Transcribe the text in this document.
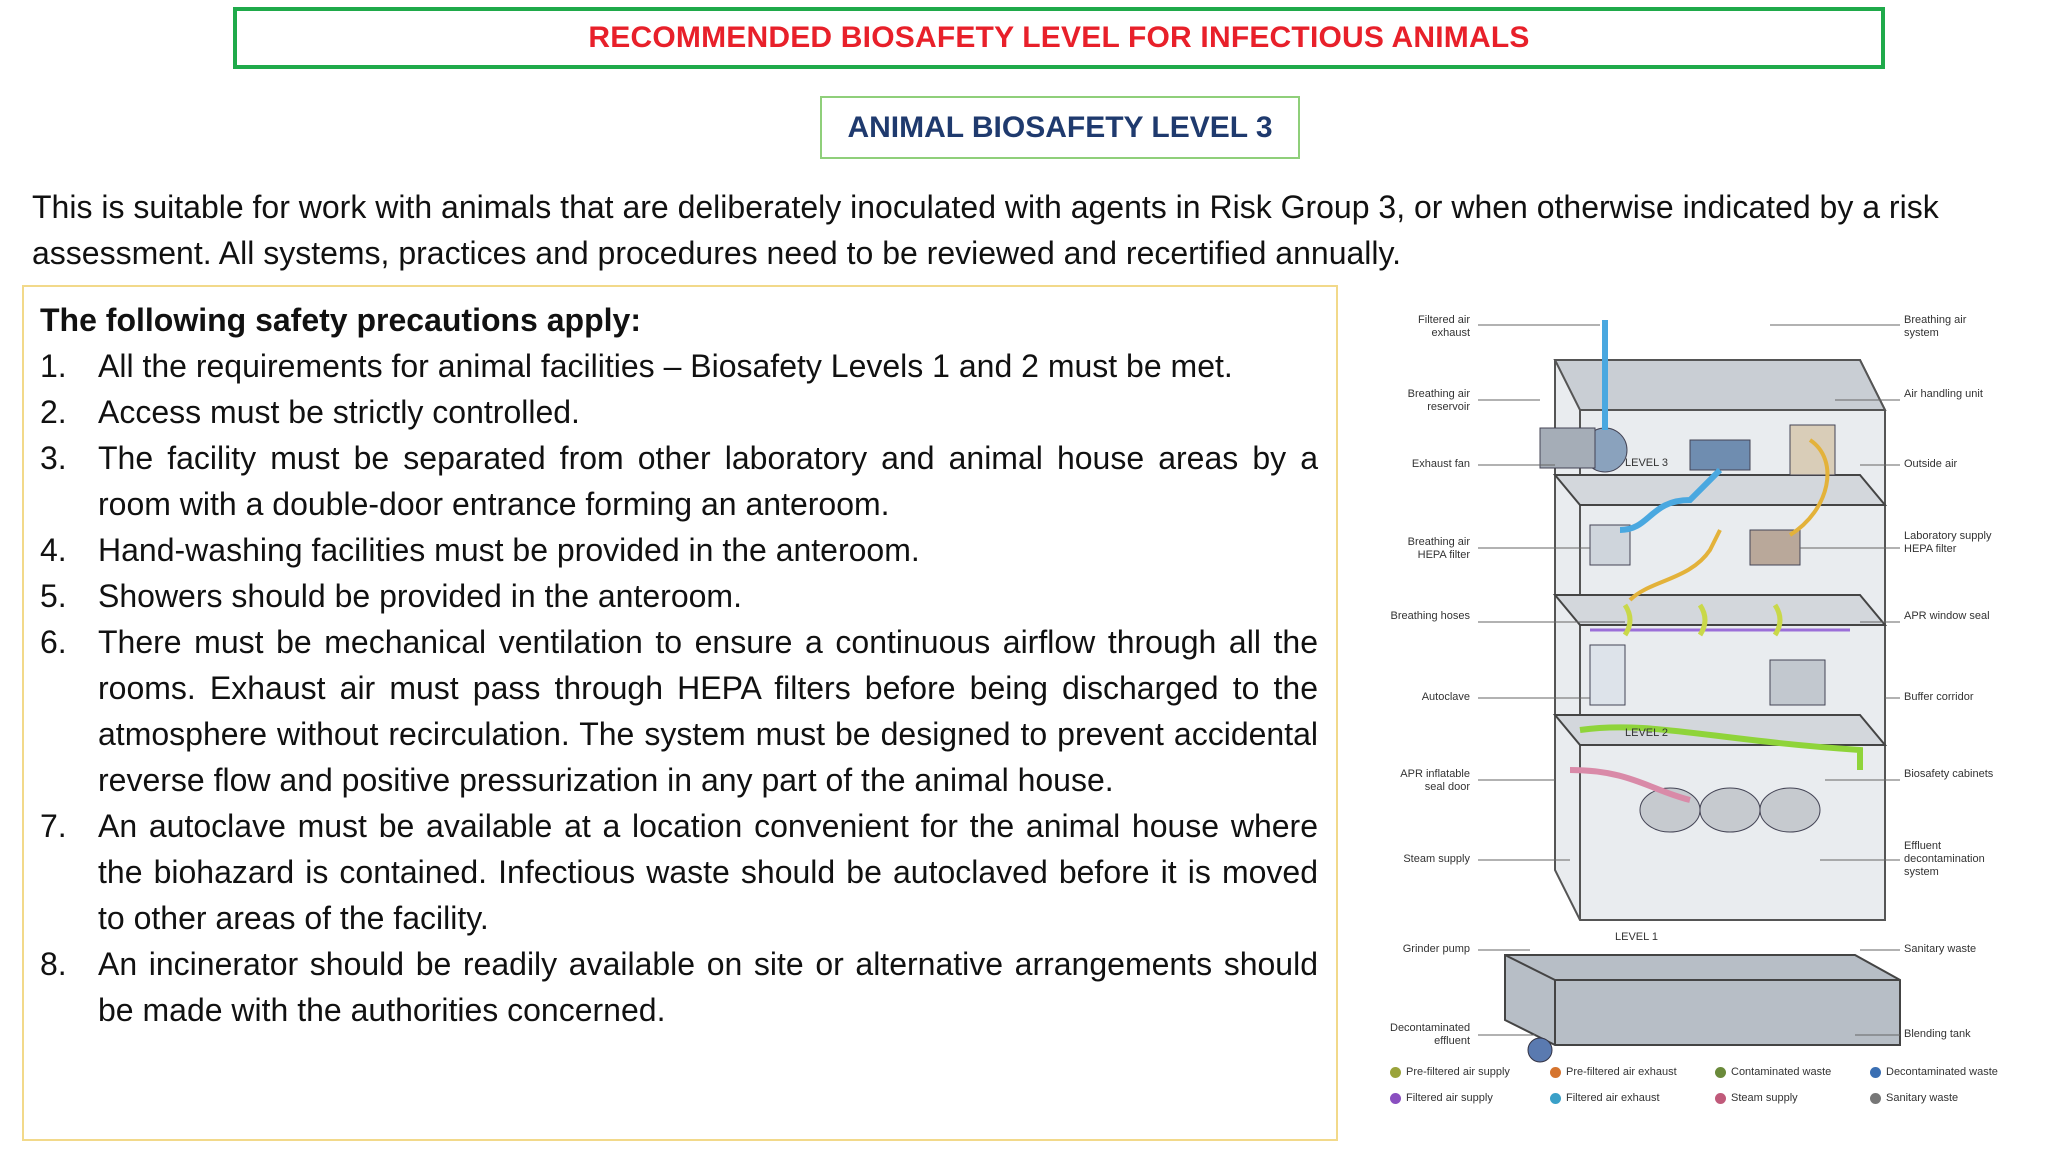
RECOMMENDED BIOSAFETY LEVEL FOR INFECTIOUS ANIMALS
ANIMAL BIOSAFETY LEVEL 3

This is suitable for work with animals that are deliberately inoculated with agents in Risk Group 3, or when otherwise indicated by a risk assessment. All systems, practices and procedures need to be reviewed and recertified annually.

The following safety precautions apply:

1. All the requirements for animal facilities – Biosafety Levels 1 and 2 must be met.
2. Access must be strictly controlled.
3. The facility must be separated from other laboratory and animal house areas by a room with a double-door entrance forming an anteroom.
4. Hand-washing facilities must be provided in the anteroom.
5. Showers should be provided in the anteroom.
6. There must be mechanical ventilation to ensure a continuous airflow through all the rooms. Exhaust air must pass through HEPA filters before being discharged to the atmosphere without recirculation. The system must be designed to prevent accidental reverse flow and positive pressurization in any part of the animal house.
7. An autoclave must be available at a location convenient for the animal house where the biohazard is contained. Infectious waste should be autoclaved before it is moved to other areas of the facility.
8. An incinerator should be readily available on site or alternative arrangements should be made with the authorities concerned.
LEVEL 3
LEVEL 2
LEVEL 1
Filtered air exhaust
Breathing air reservoir
Exhaust fan
Breathing air HEPA filter
Breathing hoses
Autoclave
APR inflatable seal door
Steam supply
Grinder pump
Decontaminated effluent
Breathing air system
Air handling unit
Outside air
Laboratory supply HEPA filter
APR window seal
Buffer corridor
Biosafety cabinets
Effluent decontamination system
Sanitary waste
Blending tank
Pre-filtered air supply	Pre-filtered air exhaust	Contaminated waste	Decontaminated waste
Filtered air supply	Filtered air exhaust	Steam supply	Sanitary waste
